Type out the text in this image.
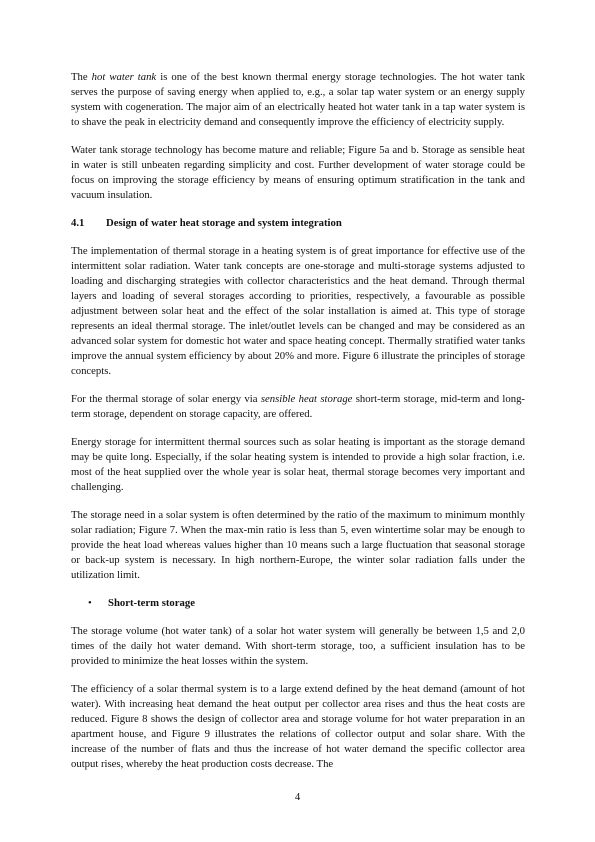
The hot water tank is one of the best known thermal energy storage technologies. The hot water tank serves the purpose of saving energy when applied to, e.g., a solar tap water system or an energy supply system with cogeneration. The major aim of an electrically heated hot water tank in a tap water system is to shave the peak in electricity demand and consequently improve the efficiency of electricity supply.

Water tank storage technology has become mature and reliable; Figure 5a and b. Storage as sensible heat in water is still unbeaten regarding simplicity and cost. Further development of water storage could be focus on improving the storage efficiency by means of ensuring optimum stratification in the tank and vacuum insulation.

4.1 Design of water heat storage and system integration

The implementation of thermal storage in a heating system is of great importance for effective use of the intermittent solar radiation. Water tank concepts are one-storage and multi-storage systems adjusted to loading and discharging strategies with collector characteristics and the heat demand. Through thermal layers and loading of several storages according to priorities, respectively, a favourable as possible adjustment between solar heat and the effect of the solar installation is aimed at. This type of storage represents an ideal thermal storage. The inlet/outlet levels can be changed and may be considered as an advanced solar system for domestic hot water and space heating concept. Thermally stratified water tanks improve the annual system efficiency by about 20% and more. Figure 6 illustrate the principles of storage concepts.

For the thermal storage of solar energy via sensible heat storage short-term storage, mid-term and long-term storage, dependent on storage capacity, are offered.

Energy storage for intermittent thermal sources such as solar heating is important as the storage demand may be quite long. Especially, if the solar heating system is intended to provide a high solar fraction, i.e. most of the heat supplied over the whole year is solar heat, thermal storage becomes very important and challenging.

The storage need in a solar system is often determined by the ratio of the maximum to minimum monthly solar radiation; Figure 7. When the max-min ratio is less than 5, even wintertime solar may be enough to provide the heat load whereas values higher than 10 means such a large fluctuation that seasonal storage or back-up system is necessary. In high northern-Europe, the winter solar radiation falls under the utilization limit.

•	Short-term storage

The storage volume (hot water tank) of a solar hot water system will generally be between 1,5 and 2,0 times of the daily hot water demand. With short-term storage, too, a sufficient insulation has to be provided to minimize the heat losses within the system.

The efficiency of a solar thermal system is to a large extend defined by the heat demand (amount of hot water). With increasing heat demand the heat output per collector area rises and thus the heat costs are reduced. Figure 8 shows the design of collector area and storage volume for hot water preparation in an apartment house, and Figure 9 illustrates the relations of collector output and solar share. With the increase of the number of flats and thus the increase of hot water demand the specific collector area output rises, whereby the heat production costs decrease. The

4
